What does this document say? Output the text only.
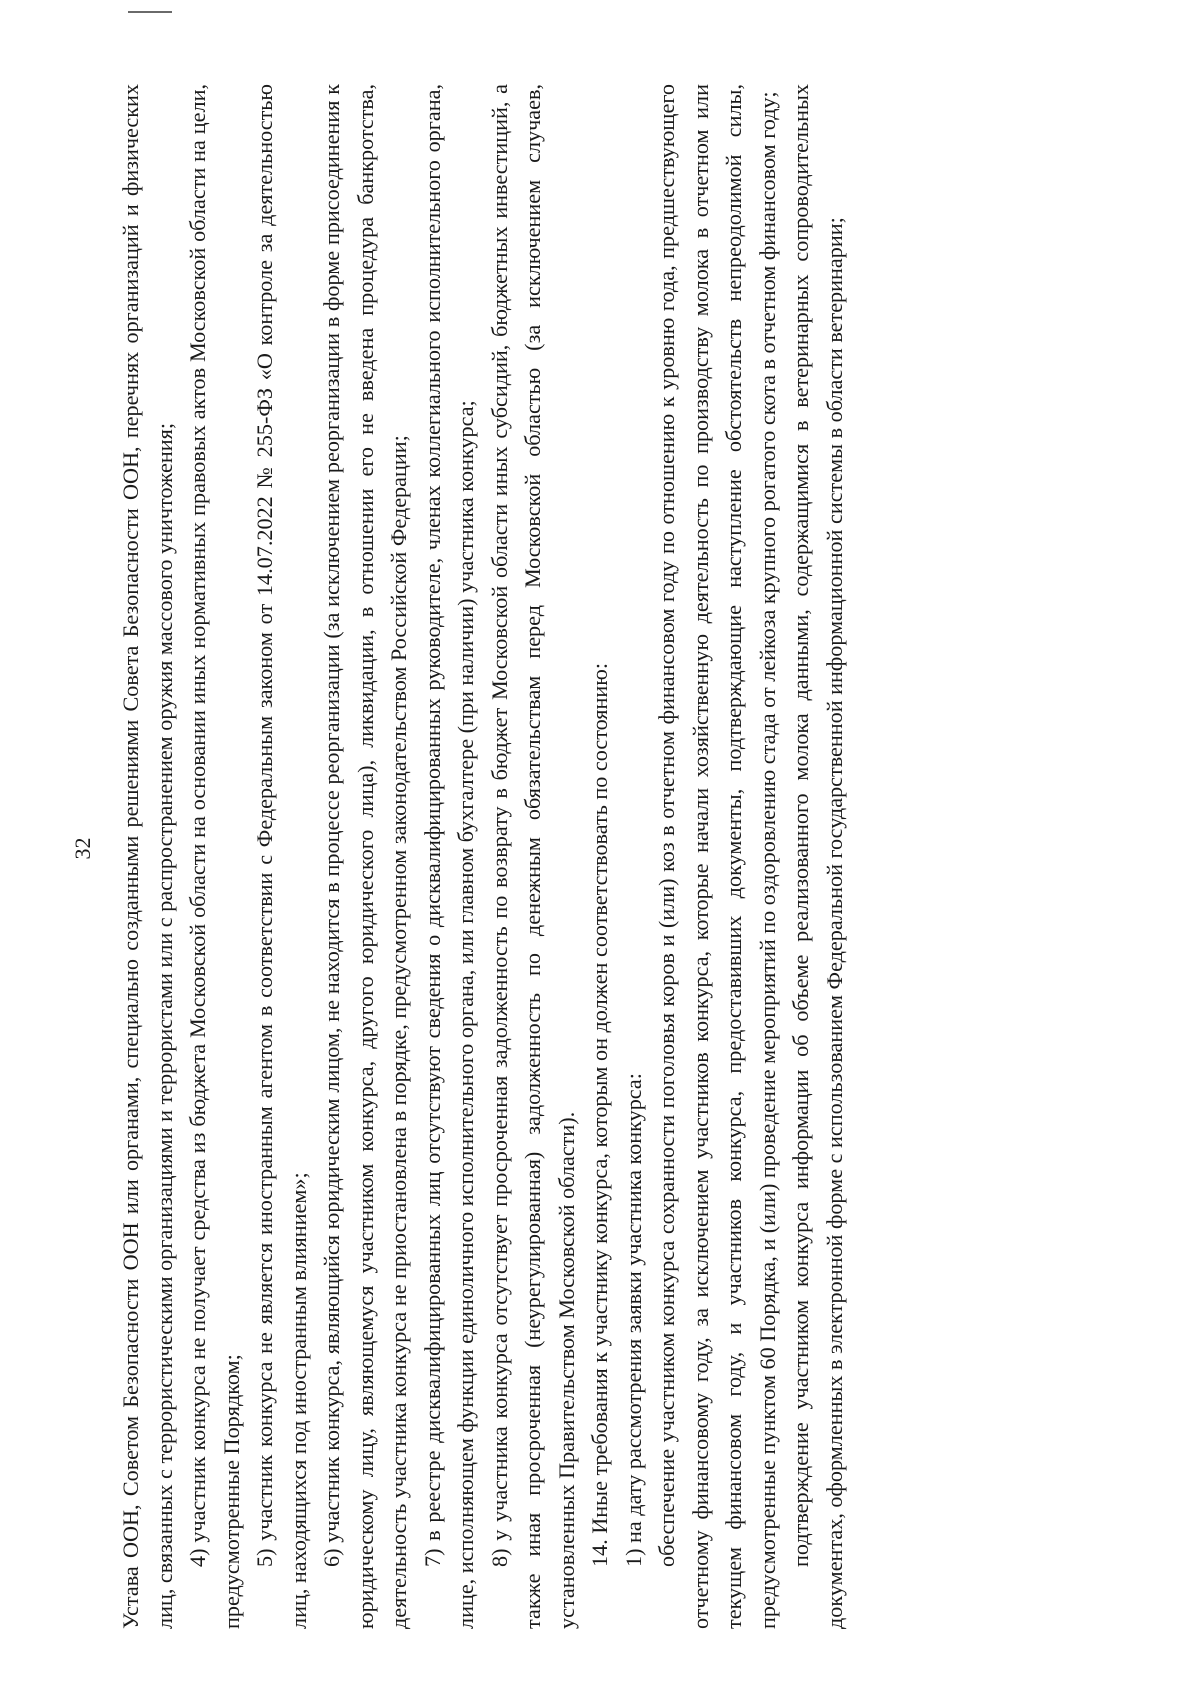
32 Устава ООН, Советом Безопасности ООН или органами, специально созданными решениями Совета Безопасности ООН, перечнях организаций и физических лиц, связанных с террористическими организациями и террористами или с распространением оружия массового уничтожения; 4) участник конкурса не получает средства из бюджета Московской области на основании иных нормативных правовых актов Московской области на цели, предусмотренные Порядком; 5) участник конкурса не является иностранным агентом в соответствии с Федеральным законом от 14.07.2022 № 255-ФЗ «О контроле за деятельностью лиц, находящихся под иностранным влиянием»; 6) участник конкурса, являющийся юридическим лицом, не находится в процессе реорганизации (за исключением реорганизации в форме присоединения к юридическому лицу, являющемуся участником конкурса, другого юридического лица), ликвидации, в отношении его не введена процедура банкротства, деятельность участника конкурса не приостановлена в порядке, предусмотренном законодательством Российской Федерации; 7) в реестре дисквалифицированных лиц отсутствуют сведения о дисквалифицированных руководителе, членах коллегиального исполнительного органа, лице, исполняющем функции единоличного исполнительного органа, или главном бухгалтере (при наличии) участника конкурса; 8) у участника конкурса отсутствует просроченная задолженность по возврату в бюджет Московской области иных субсидий, бюджетных инвестиций, а также иная просроченная (неурегулированная) задолженность по денежным обязательствам перед Московской областью (за исключением случаев, установленных Правительством Московской области). 14. Иные требования к участнику конкурса, которым он должен соответствовать по состоянию: 1) на дату рассмотрения заявки участника конкурса: обеспечение участником конкурса сохранности поголовья коров и (или) коз в отчетном финансовом году по отношению к уровню года, предшествующего отчетному финансовому году, за исключением участников конкурса, которые начали хозяйственную деятельность по производству молока в отчетном или текущем финансовом году, и участников конкурса, предоставивших документы, подтверждающие наступление обстоятельств непреодолимой силы, предусмотренные пунктом 60 Порядка, и (или) проведение мероприятий по оздоровлению стада от лейкоза крупного рогатого скота в отчетном финансовом году; подтверждение участником конкурса информации об объеме реализованного молока данными, содержащимися в ветеринарных сопроводительных документах, оформленных в электронной форме с использованием Федеральной государственной информационной системы в области ветеринарии;
